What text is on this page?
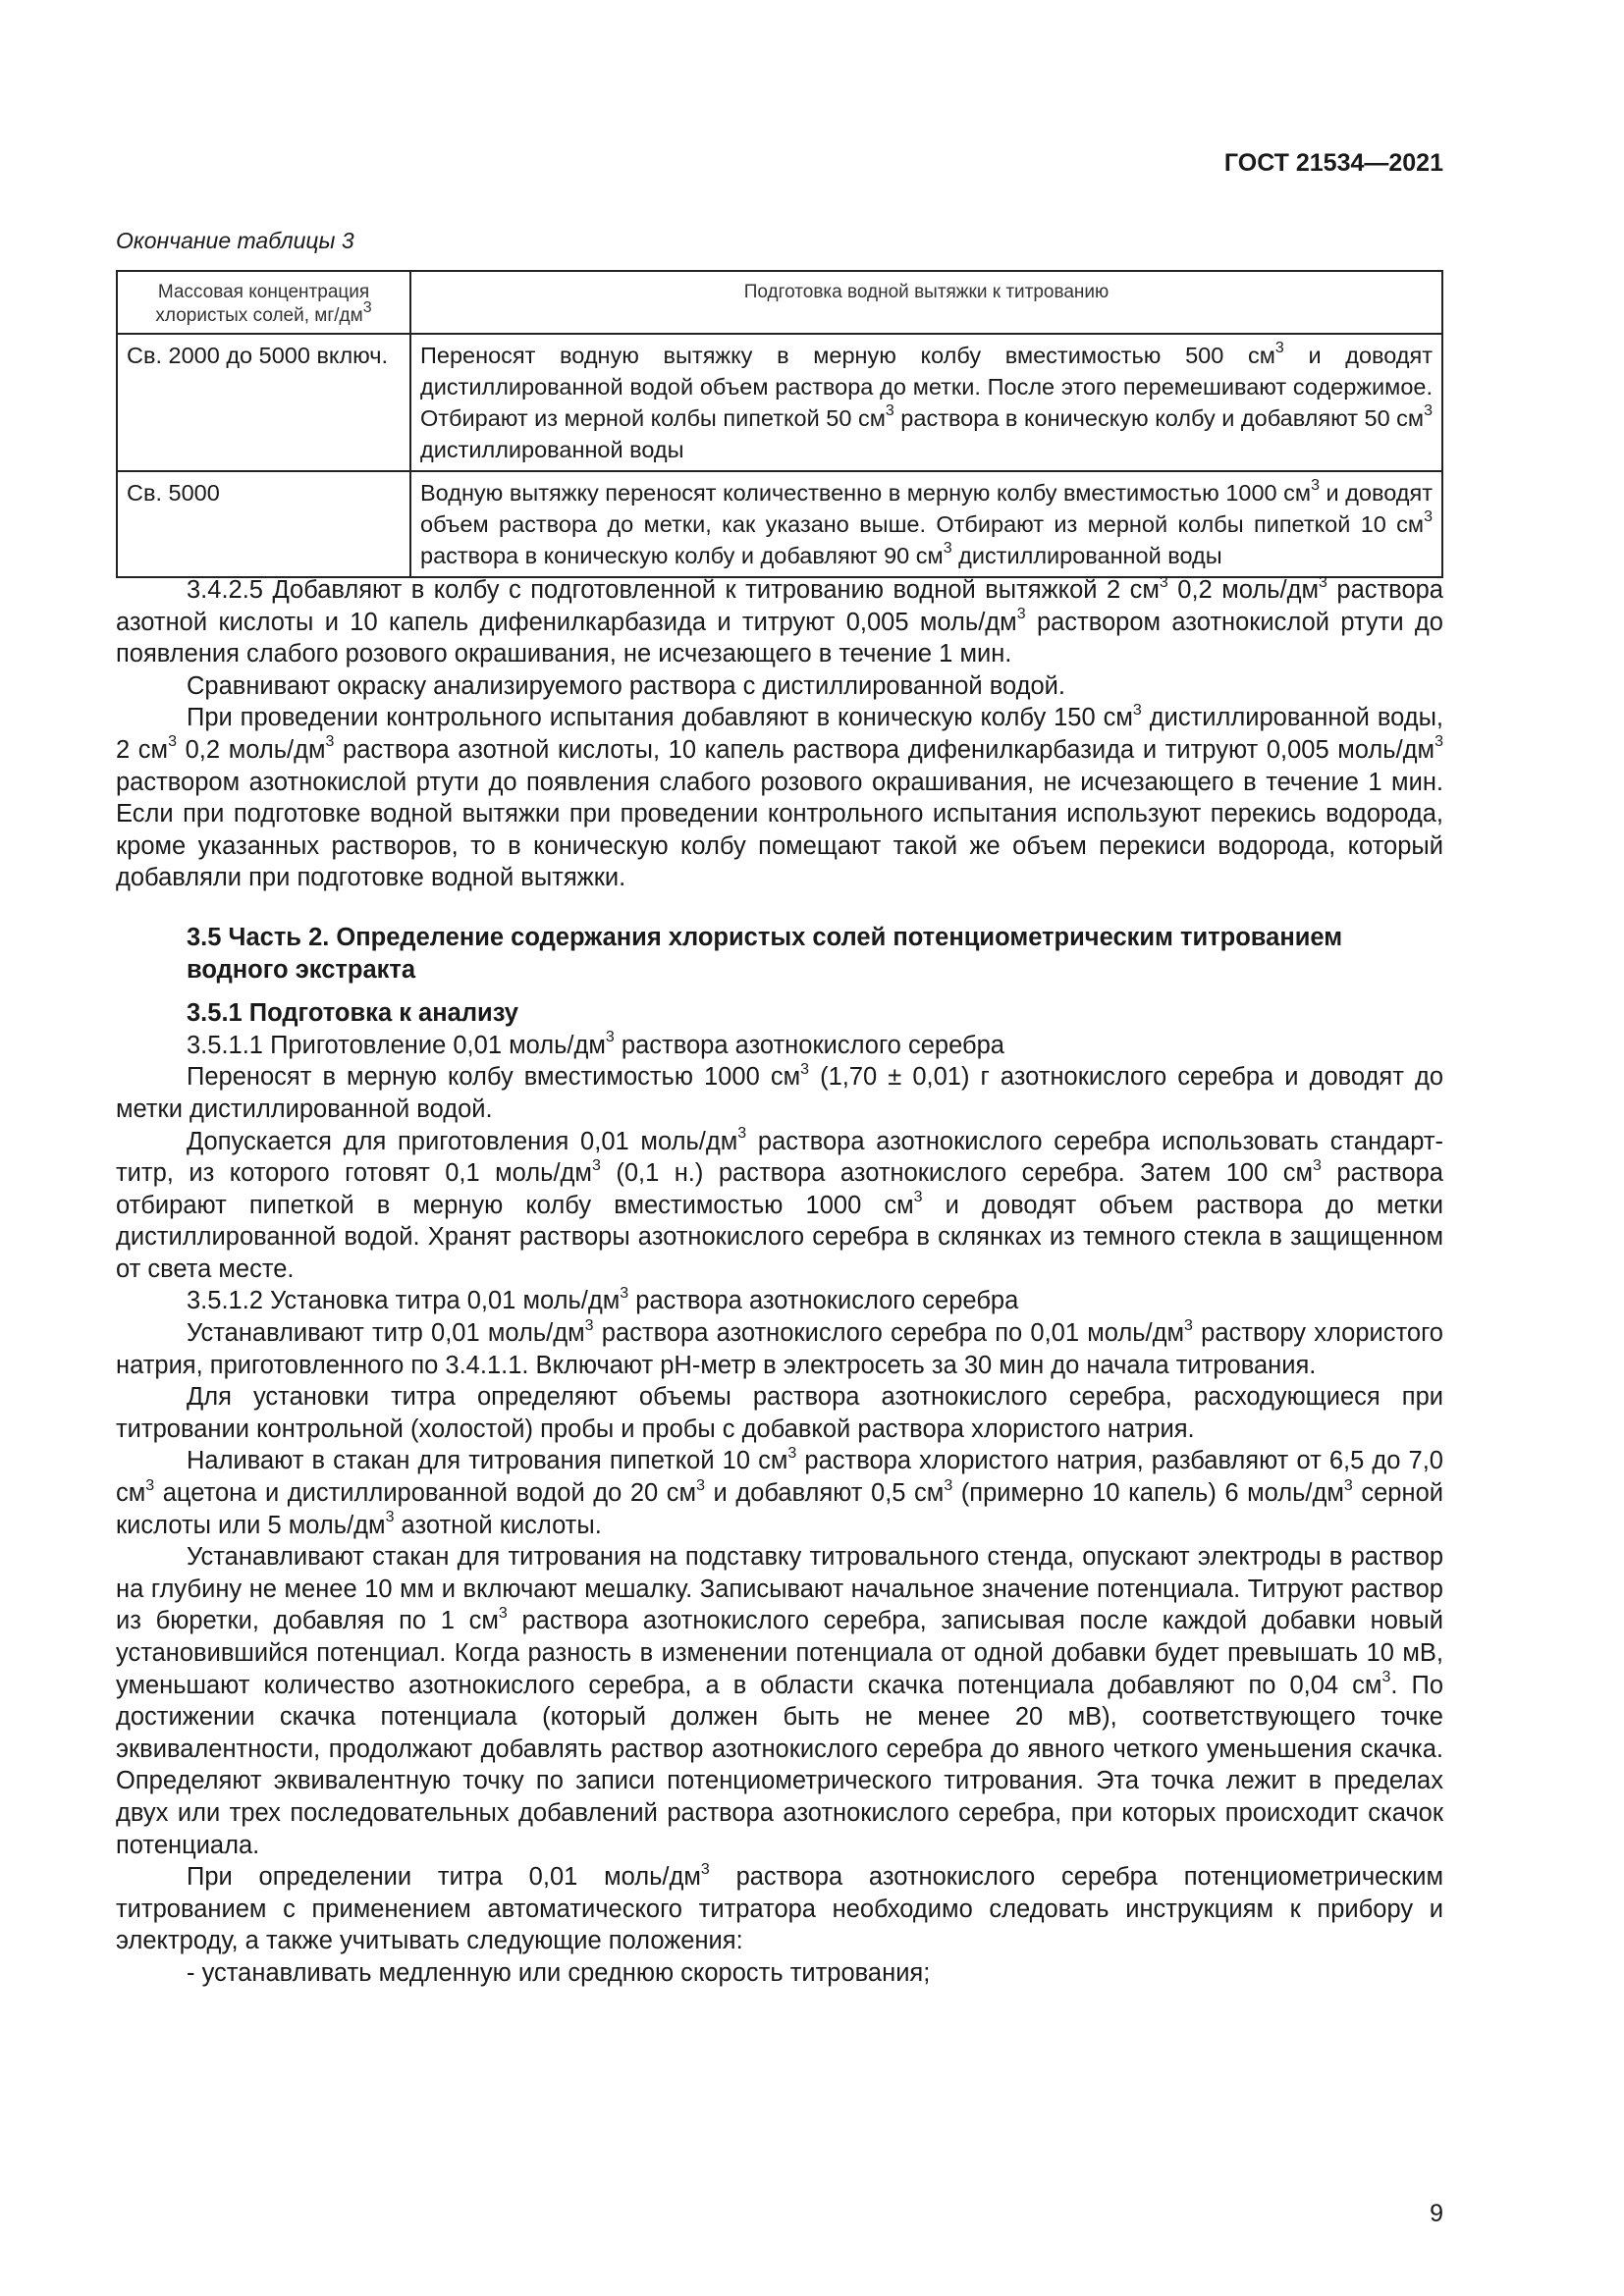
ГОСТ 21534—2021
Окончание таблицы 3
Массовая концентрация хлористых солей, $мг/дм^3$	Подготовка водной вытяжки к титрованию
Св. 2000 до 5000 включ.	Переносят водную вытяжку в мерную колбу вместимостью 500 $см^3$ и доводят дистиллированной водой объем раствора до метки. После этого перемешивают содержимое. Отбирают из мерной колбы пипеткой 50 $см^3$ раствора в коническую колбу и добавляют 50 $см^3$ дистиллированной воды
Св. 5000	Водную вытяжку переносят количественно в мерную колбу вместимостью 1000 $см^3$ и доводят объем раствора до метки, как указано выше. Отбирают из мерной колбы пипеткой 10 $см^3$ раствора в коническую колбу и добавляют 90 $см^3$ дистиллированной воды

3.4.2.5 Добавляют в колбу с подготовленной к титрованию водной вытяжкой 2 $см^3$ 0,2 моль/$дм^3$ раствора азотной кислоты и 10 капель дифенилкарбазида и титруют 0,005 моль/$дм^3$ раствором азотнокислой ртути до появления слабого розового окрашивания, не исчезающего в течение 1 мин.

Сравнивают окраску анализируемого раствора с дистиллированной водой.

При проведении контрольного испытания добавляют в коническую колбу 150 $см^3$ дистиллированной воды, 2 $см^3$ 0,2 моль/$дм^3$ раствора азотной кислоты, 10 капель раствора дифенилкарбазида и титруют 0,005 моль/$дм^3$ раствором азотнокислой ртути до появления слабого розового окрашивания, не исчезающего в течение 1 мин. Если при подготовке водной вытяжки при проведении контрольного испытания используют перекись водорода, кроме указанных растворов, то в коническую колбу помещают такой же объем перекиси водорода, который добавляли при подготовке водной вытяжки.

3.5 Часть 2. Определение содержания хлористых солей потенциометрическим титрованием водного экстракта
3.5.1 Подготовка к анализу

3.5.1.1 Приготовление 0,01 моль/$дм^3$ раствора азотнокислого серебра

Переносят в мерную колбу вместимостью 1000 $см^3$ (1,70 ± 0,01) г азотнокислого серебра и доводят до метки дистиллированной водой.

Допускается для приготовления 0,01 моль/$дм^3$ раствора азотнокислого серебра использовать стандарт-титр, из которого готовят 0,1 моль/$дм^3$ (0,1 н.) раствора азотнокислого серебра. Затем 100 $см^3$ раствора отбирают пипеткой в мерную колбу вместимостью 1000 $см^3$ и доводят объем раствора до метки дистиллированной водой. Хранят растворы азотнокислого серебра в склянках из темного стекла в защищенном от света месте.

3.5.1.2 Установка титра 0,01 моль/$дм^3$ раствора азотнокислого серебра

Устанавливают титр 0,01 моль/$дм^3$ раствора азотнокислого серебра по 0,01 моль/$дм^3$ раствору хлористого натрия, приготовленного по 3.4.1.1. Включают рН-метр в электросеть за 30 мин до начала титрования.

Для установки титра определяют объемы раствора азотнокислого серебра, расходующиеся при титровании контрольной (холостой) пробы и пробы с добавкой раствора хлористого натрия.

Наливают в стакан для титрования пипеткой 10 $см^3$ раствора хлористого натрия, разбавляют от 6,5 до 7,0 $см^3$ ацетона и дистиллированной водой до 20 $см^3$ и добавляют 0,5 $см^3$ (примерно 10 капель) 6 моль/$дм^3$ серной кислоты или 5 моль/$дм^3$ азотной кислоты.

Устанавливают стакан для титрования на подставку титровального стенда, опускают электроды в раствор на глубину не менее 10 мм и включают мешалку. Записывают начальное значение потенциала. Титруют раствор из бюретки, добавляя по 1 $см^3$ раствора азотнокислого серебра, записывая после каждой добавки новый установившийся потенциал. Когда разность в изменении потенциала от одной добавки будет превышать 10 мВ, уменьшают количество азотнокислого серебра, а в области скачка потенциала добавляют по 0,04 $см^3$. По достижении скачка потенциала (который должен быть не менее 20 мВ), соответствующего точке эквивалентности, продолжают добавлять раствор азотнокислого серебра до явного четкого уменьшения скачка. Определяют эквивалентную точку по записи потенциометрического титрования. Эта точка лежит в пределах двух или трех последовательных добавлений раствора азотнокислого серебра, при которых происходит скачок потенциала.

При определении титра 0,01 моль/$дм^3$ раствора азотнокислого серебра потенциометрическим титрованием с применением автоматического титратора необходимо следовать инструкциям к прибору и электроду, а также учитывать следующие положения:

- устанавливать медленную или среднюю скорость титрования;

9
